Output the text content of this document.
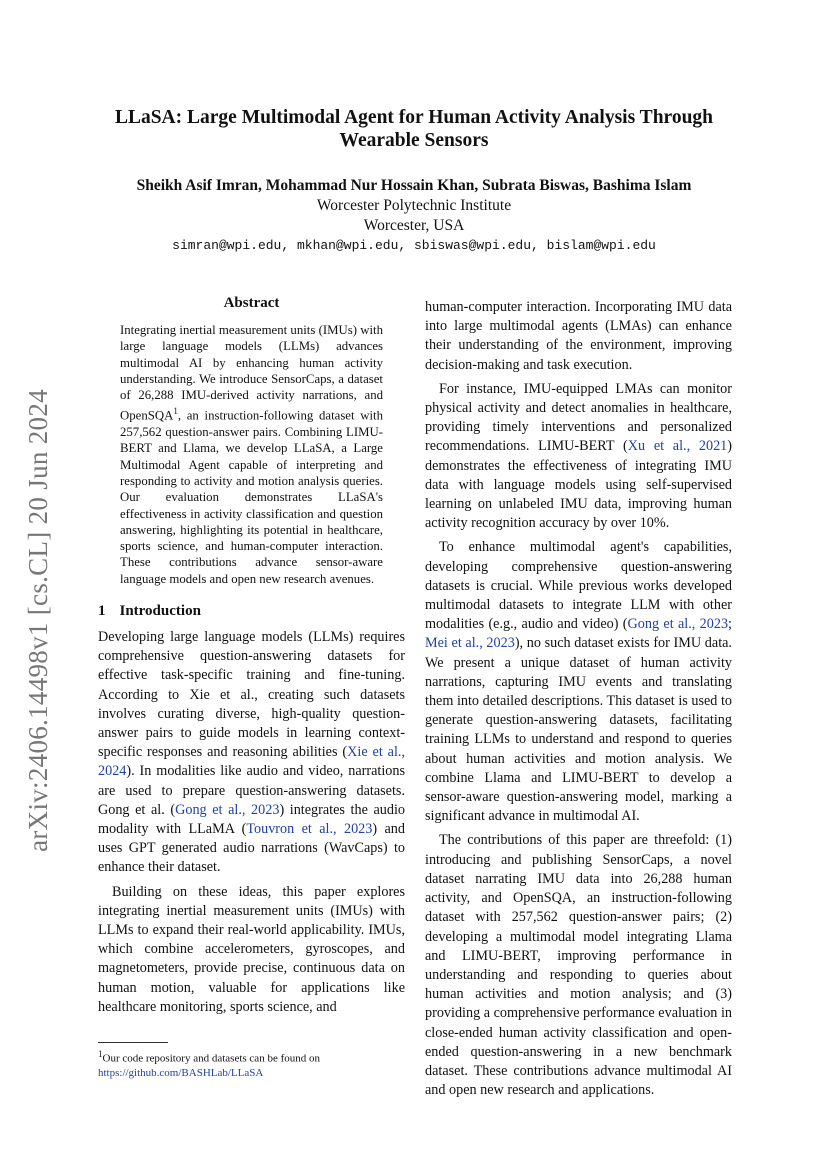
arXiv:2406.14498v1 [cs.CL] 20 Jun 2024
LLaSA: Large Multimodal Agent for Human Activity Analysis Through
Wearable Sensors
Sheikh Asif Imran, Mohammad Nur Hossain Khan, Subrata Biswas, Bashima Islam
Worcester Polytechnic Institute
Worcester, USA
simran@wpi.edu, mkhan@wpi.edu, sbiswas@wpi.edu, bislam@wpi.edu
Abstract

Integrating inertial measurement units (IMUs) with large language models (LLMs) advances multimodal AI by enhancing human activity understanding. We introduce SensorCaps, a dataset of 26,288 IMU-derived activity narrations, and OpenSQA$^1$, an instruction-following dataset with 257,562 question-answer pairs. Combining LIMU-BERT and Llama, we develop LLaSA, a Large Multimodal Agent capable of interpreting and responding to activity and motion analysis queries. Our evaluation demonstrates LLaSA's effectiveness in activity classification and question answering, highlighting its potential in healthcare, sports science, and human-computer interaction. These contributions advance sensor-aware language models and open new research avenues.

1 Introduction

Developing large language models (LLMs) requires comprehensive question-answering datasets for effective task-specific training and fine-tuning. According to Xie et al., creating such datasets involves curating diverse, high-quality question-answer pairs to guide models in learning context-specific responses and reasoning abilities (Xie et al., 2024). In modalities like audio and video, narrations are used to prepare question-answering datasets. Gong et al. (Gong et al., 2023) integrates the audio modality with LLaMA (Touvron et al., 2023) and uses GPT generated audio narrations (WavCaps) to enhance their dataset.

Building on these ideas, this paper explores integrating inertial measurement units (IMUs) with LLMs to expand their real-world applicability. IMUs, which combine accelerometers, gyroscopes, and magnetometers, provide precise, continuous data on human motion, valuable for applications like healthcare monitoring, sports science, and

$^1$Our code repository and datasets can be found on
https://github.com/BASHLab/LLaSA

human-computer interaction. Incorporating IMU data into large multimodal agents (LMAs) can enhance their understanding of the environment, improving decision-making and task execution.

For instance, IMU-equipped LMAs can monitor physical activity and detect anomalies in healthcare, providing timely interventions and personalized recommendations. LIMU-BERT (Xu et al., 2021) demonstrates the effectiveness of integrating IMU data with language models using self-supervised learning on unlabeled IMU data, improving human activity recognition accuracy by over 10%.

To enhance multimodal agent's capabilities, developing comprehensive question-answering datasets is crucial. While previous works developed multimodal datasets to integrate LLM with other modalities (e.g., audio and video) (Gong et al., 2023; Mei et al., 2023), no such dataset exists for IMU data. We present a unique dataset of human activity narrations, capturing IMU events and translating them into detailed descriptions. This dataset is used to generate question-answering datasets, facilitating training LLMs to understand and respond to queries about human activities and motion analysis. We combine Llama and LIMU-BERT to develop a sensor-aware question-answering model, marking a significant advance in multimodal AI.

The contributions of this paper are threefold: (1) introducing and publishing SensorCaps, a novel dataset narrating IMU data into 26,288 human activity, and OpenSQA, an instruction-following dataset with 257,562 question-answer pairs; (2) developing a multimodal model integrating Llama and LIMU-BERT, improving performance in understanding and responding to queries about human activities and motion analysis; and (3) providing a comprehensive performance evaluation in close-ended human activity classification and open-ended question-answering in a new benchmark dataset. These contributions advance multimodal AI and open new research and applications.
